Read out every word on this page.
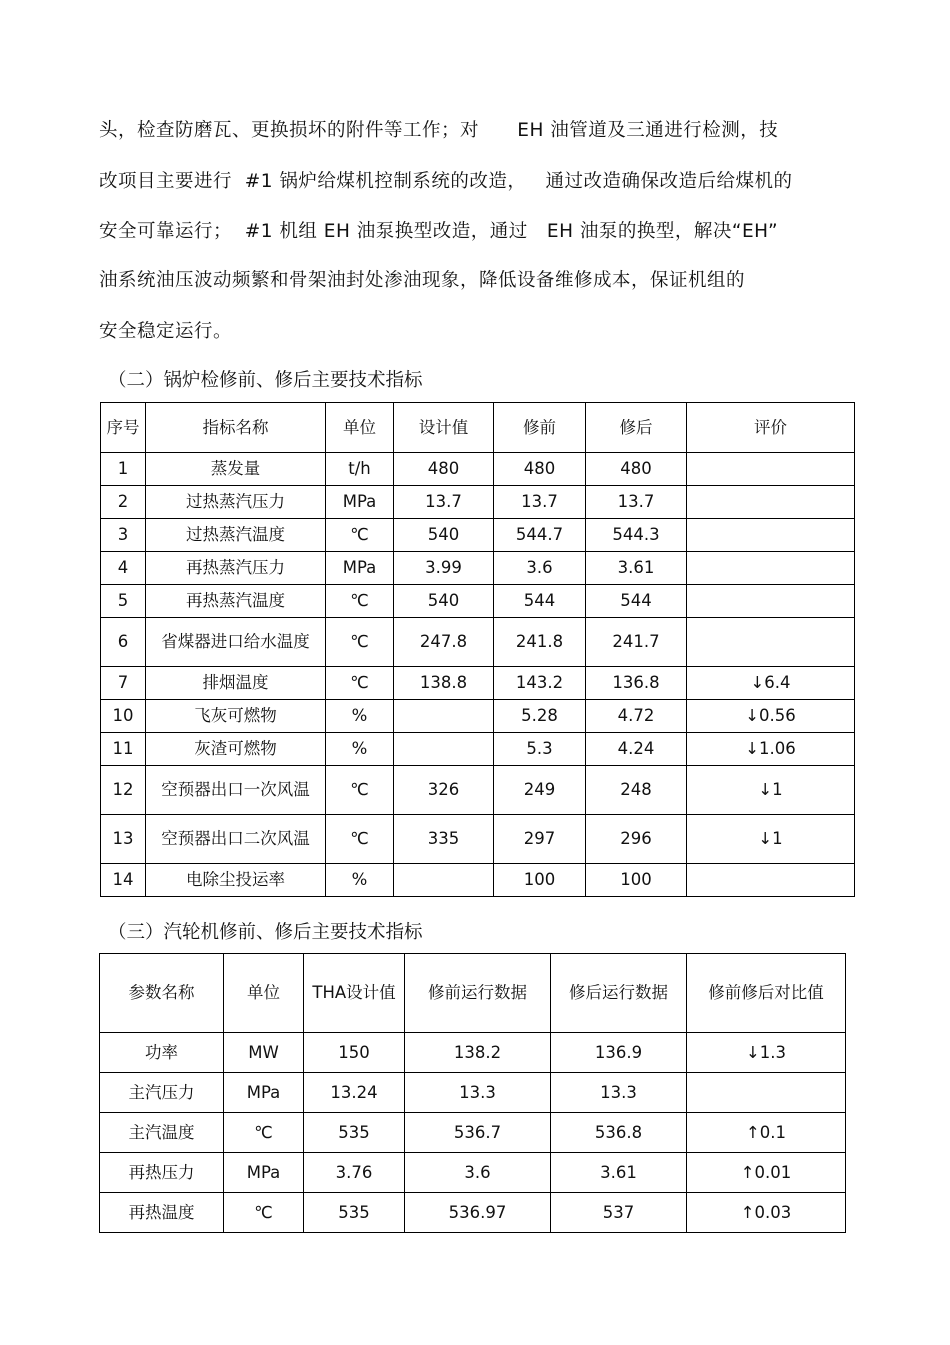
头，检查防磨瓦、更换损坏的附件等工作；对      EH 油管道及三通进行检测，技
改项目主要进行  #1 锅炉给煤机控制系统的改造，   通过改造确保改造后给煤机的
安全可靠运行；  #1 机组 EH 油泵换型改造，通过   EH 油泵的换型，解决“EH”
油系统油压波动频繁和骨架油封处渗油现象，降低设备维修成本，保证机组的
安全稳定运行。
（二）锅炉检修前、修后主要技术指标
序号	指标名称	单位	设计值	修前	修后	评价
1	蒸发量	t/h	480	480	480	
2	过热蒸汽压力	MPa	13.7	13.7	13.7	
3	过热蒸汽温度	℃	540	544.7	544.3	
4	再热蒸汽压力	MPa	3.99	3.6	3.61	
5	再热蒸汽温度	℃	540	544	544	
6	省煤器进口给水温度	℃	247.8	241.8	241.7	
7	排烟温度	℃	138.8	143.2	136.8	↓6.4
10	飞灰可燃物	%		5.28	4.72	↓0.56
11	灰渣可燃物	%		5.3	4.24	↓1.06
12	空预器出口一次风温	℃	326	249	248	↓1
13	空预器出口二次风温	℃	335	297	296	↓1
14	电除尘投运率	%		100	100	
（三）汽轮机修前、修后主要技术指标
参数名称	单位	THA设计值	修前运行数据	修后运行数据	修前修后对比值
功率	MW	150	138.2	136.9	↓1.3
主汽压力	MPa	13.24	13.3	13.3	
主汽温度	℃	535	536.7	536.8	↑0.1
再热压力	MPa	3.76	3.6	3.61	↑0.01
再热温度	℃	535	536.97	537	↑0.03
